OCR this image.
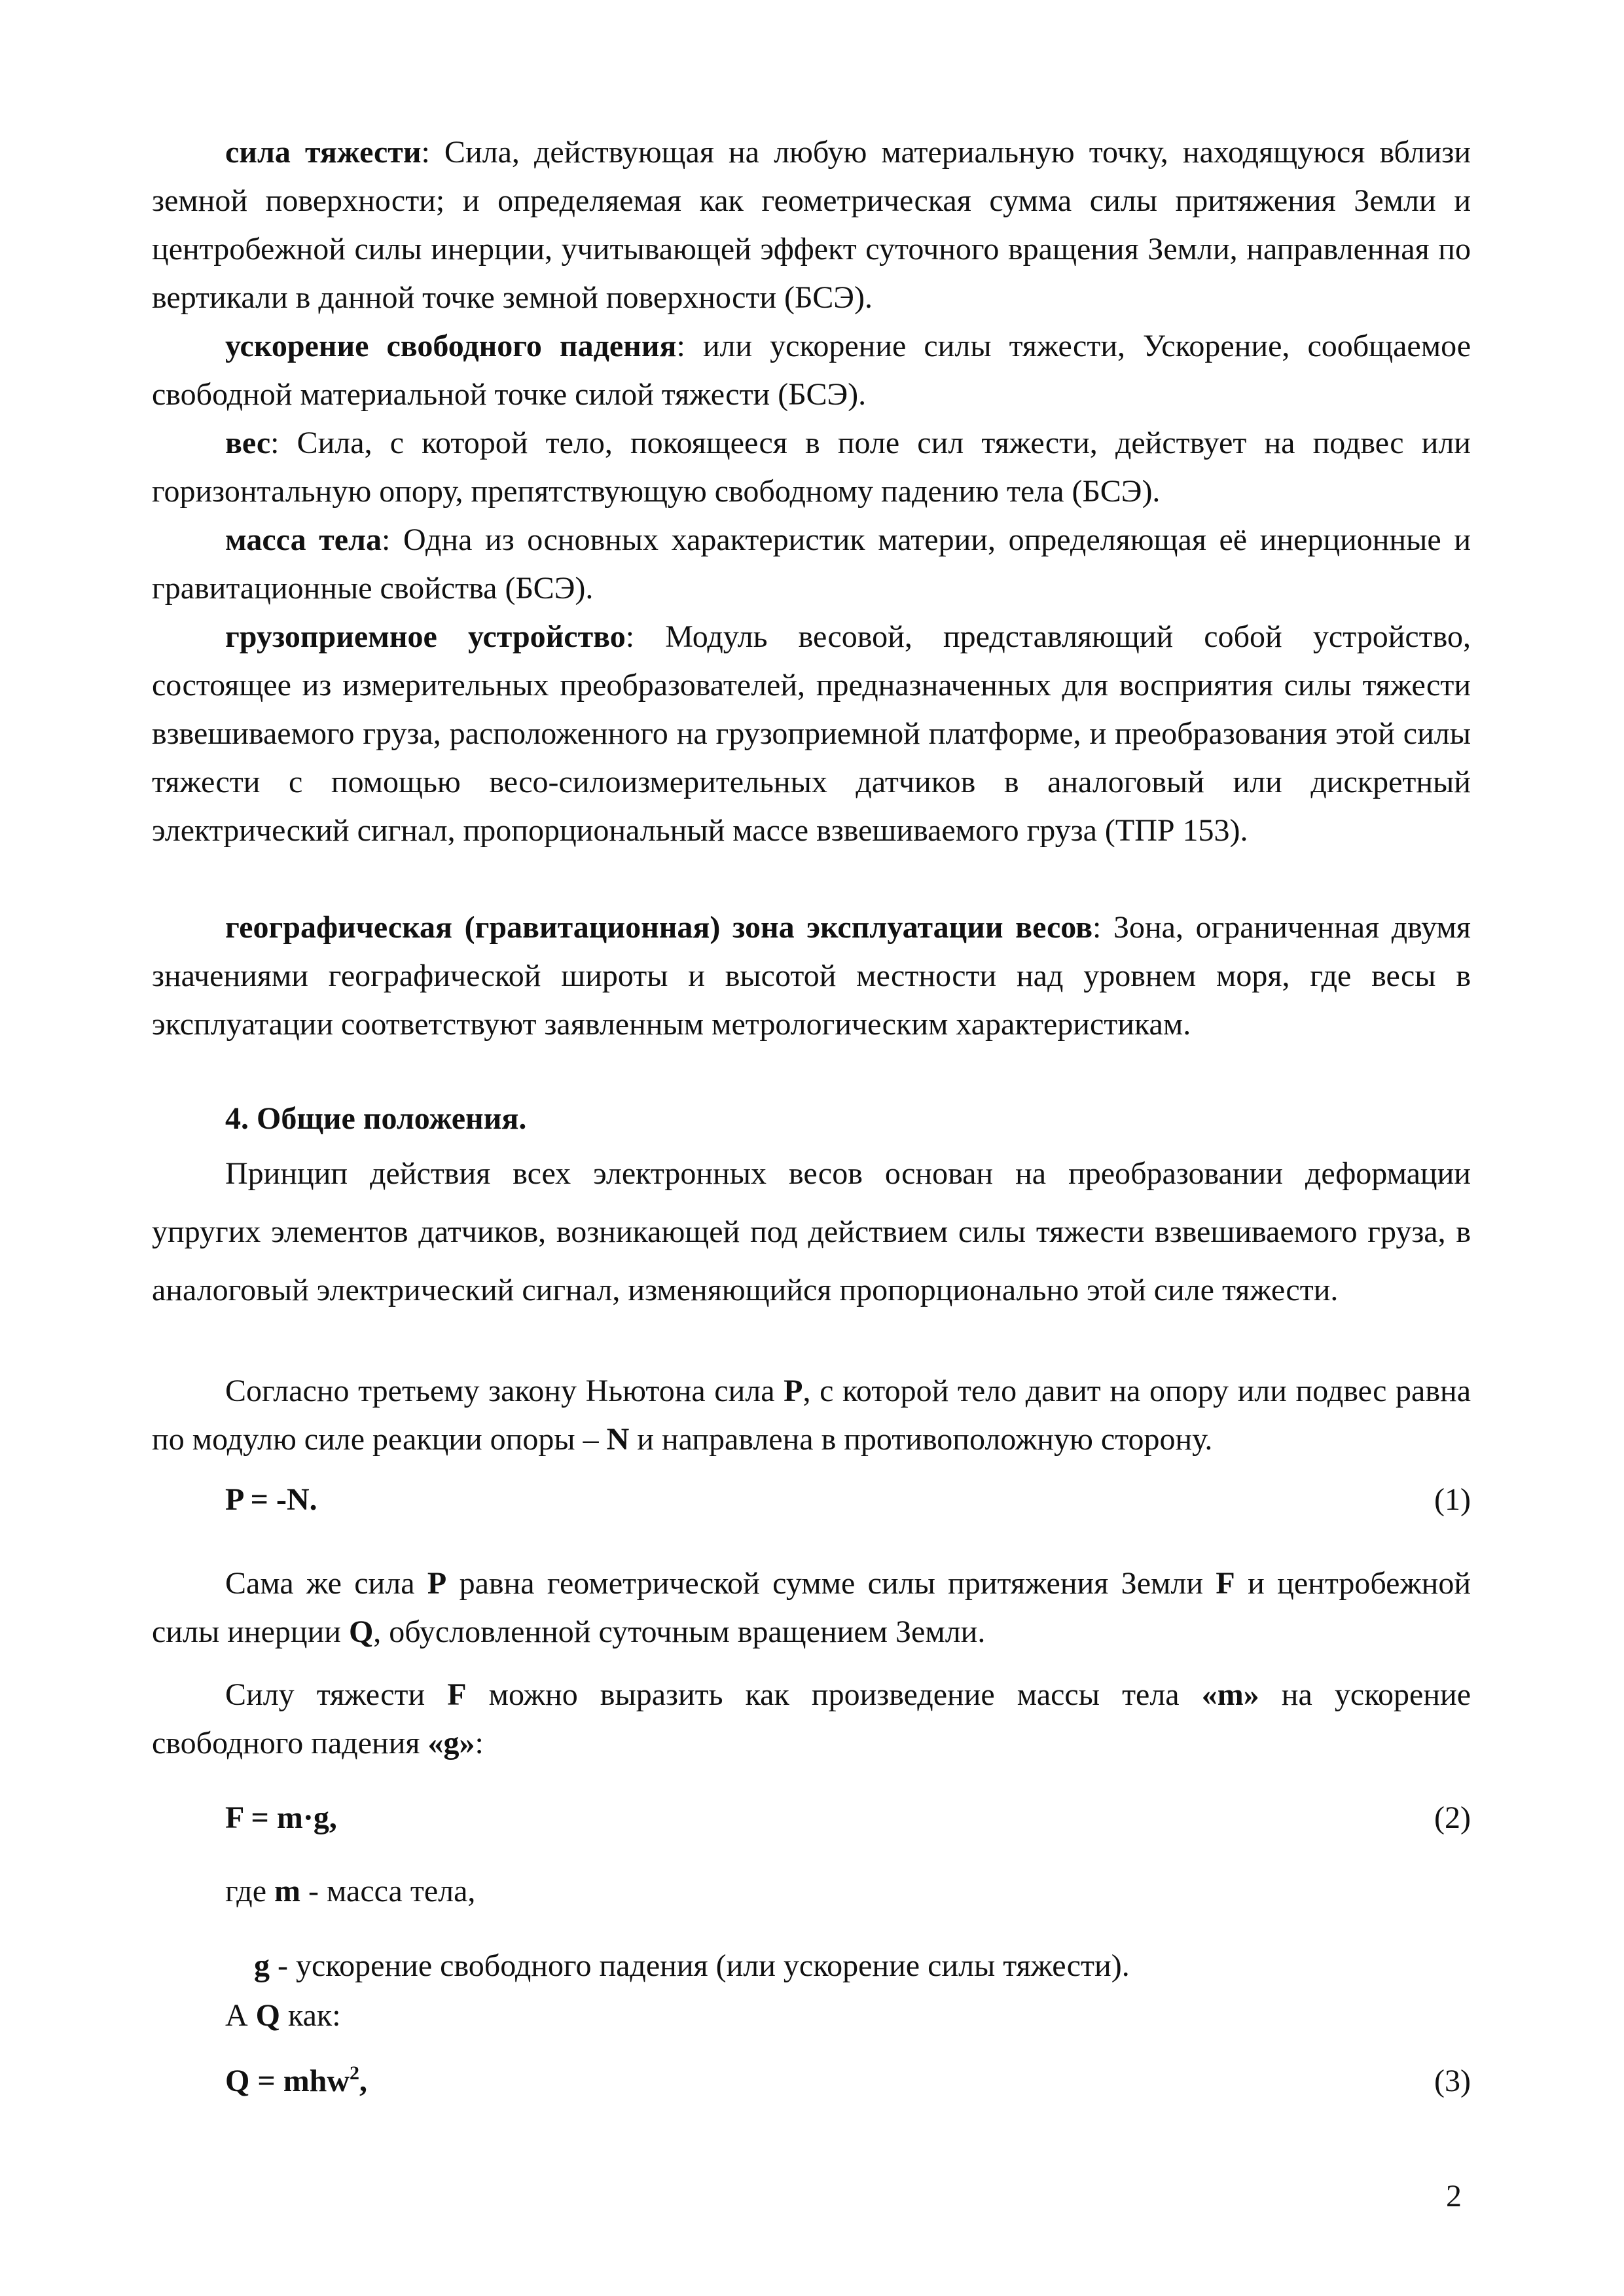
сила тяжести: Сила, действующая на любую материальную точку, находящуюся вблизи земной поверхности; и определяемая как геометрическая сумма силы притяжения Земли и центробежной силы инерции, учитывающей эффект суточного вращения Земли, направленная по вертикали в данной точке земной поверхности (БСЭ).

ускорение свободного падения: или ускорение силы тяжести, Ускорение, сообщаемое свободной материальной точке силой тяжести (БСЭ).

вес: Сила, с которой тело, покоящееся в поле сил тяжести, действует на подвес или горизонтальную опору, препятствующую свободному падению тела (БСЭ).

масса тела: Одна из основных характеристик материи, определяющая её инерционные и гравитационные свойства (БСЭ).

грузоприемное устройство: Модуль весовой, представляющий собой устройство, состоящее из измерительных преобразователей, предназначенных для восприятия силы тяжести взвешиваемого груза, расположенного на грузоприемной платформе, и преобразования этой силы тяжести с помощью весо-силоизмерительных датчиков в аналоговый или дискретный электрический сигнал, пропорциональный массе взвешиваемого груза (ТПР 153).

географическая (гравитационная) зона эксплуатации весов: Зона, ограниченная двумя значениями географической широты и высотой местности над уровнем моря, где весы в эксплуатации соответствуют заявленным метрологическим характеристикам.

4. Общие положения.

Принцип действия всех электронных весов основан на преобразовании деформации упругих элементов датчиков, возникающей под действием силы тяжести взвешиваемого груза, в аналоговый электрический сигнал, изменяющийся пропорционально этой силе тяжести.

Согласно третьему закону Ньютона сила P, с которой тело давит на опору или подвес равна по модулю силе реакции опоры – N и направлена в противоположную сторону.

P = -N.	(1)

Сама же сила P равна геометрической сумме силы притяжения Земли F и центробежной силы инерции Q, обусловленной суточным вращением Земли.

Силу тяжести F можно выразить как произведение массы тела «m» на ускорение свободного падения «g»:

F = m·g,	(2)

где m - масса тела,

g - ускорение свободного падения (или ускорение силы тяжести).

А Q как:

Q = mhw$^2$,	(3)

2
